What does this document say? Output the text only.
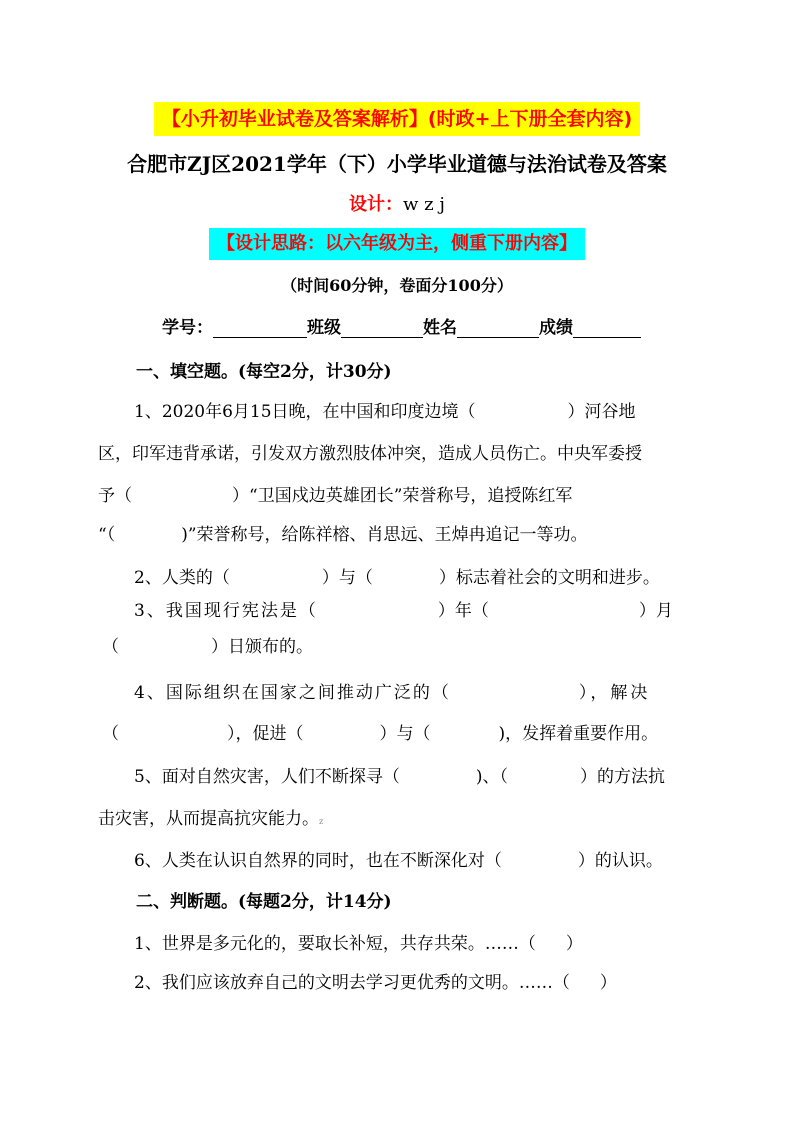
【小升初毕业试卷及答案解析】(时政+上下册全套内容)
合肥市ZJ区2021学年（下）小学毕业道德与法治试卷及答案
设计：w z j
【设计思路：以六年级为主，侧重下册内容】
（时间60分钟，卷面分100分）
学号：	班级	姓名	成绩
一、填空题。(每空2分，计30分)
1、2020年6月15日晚，在中国和印度边境（	）河谷地
区，印军违背承诺，引发双方激烈肢体冲突，造成人员伤亡。中央军委授
予（	）“卫国戍边英雄团长”荣誉称号，追授陈红军
“（	)”荣誉称号，给陈祥榕、肖思远、王焯冉追记一等功。
2、人类的（	）与（	）标志着社会的文明和进步。
3、我国现行宪法是（	）年（	）月
（	）日颁布的。
4、国际组织在国家之间推动广泛的（	），解决
（	），促进（	）与（	)，发挥着重要作用。
5、面对自然灾害，人们不断探寻（	)、（	）的方法抗
击灾害，从而提高抗灾能力。z
6、人类在认识自然界的同时，也在不断深化对（	）的认识。
二、判断题。(每题2分，计14分)
1、世界是多元化的，要取长补短，共存共荣。……（ ）
2、我们应该放弃自己的文明去学习更优秀的文明。……（ ）
